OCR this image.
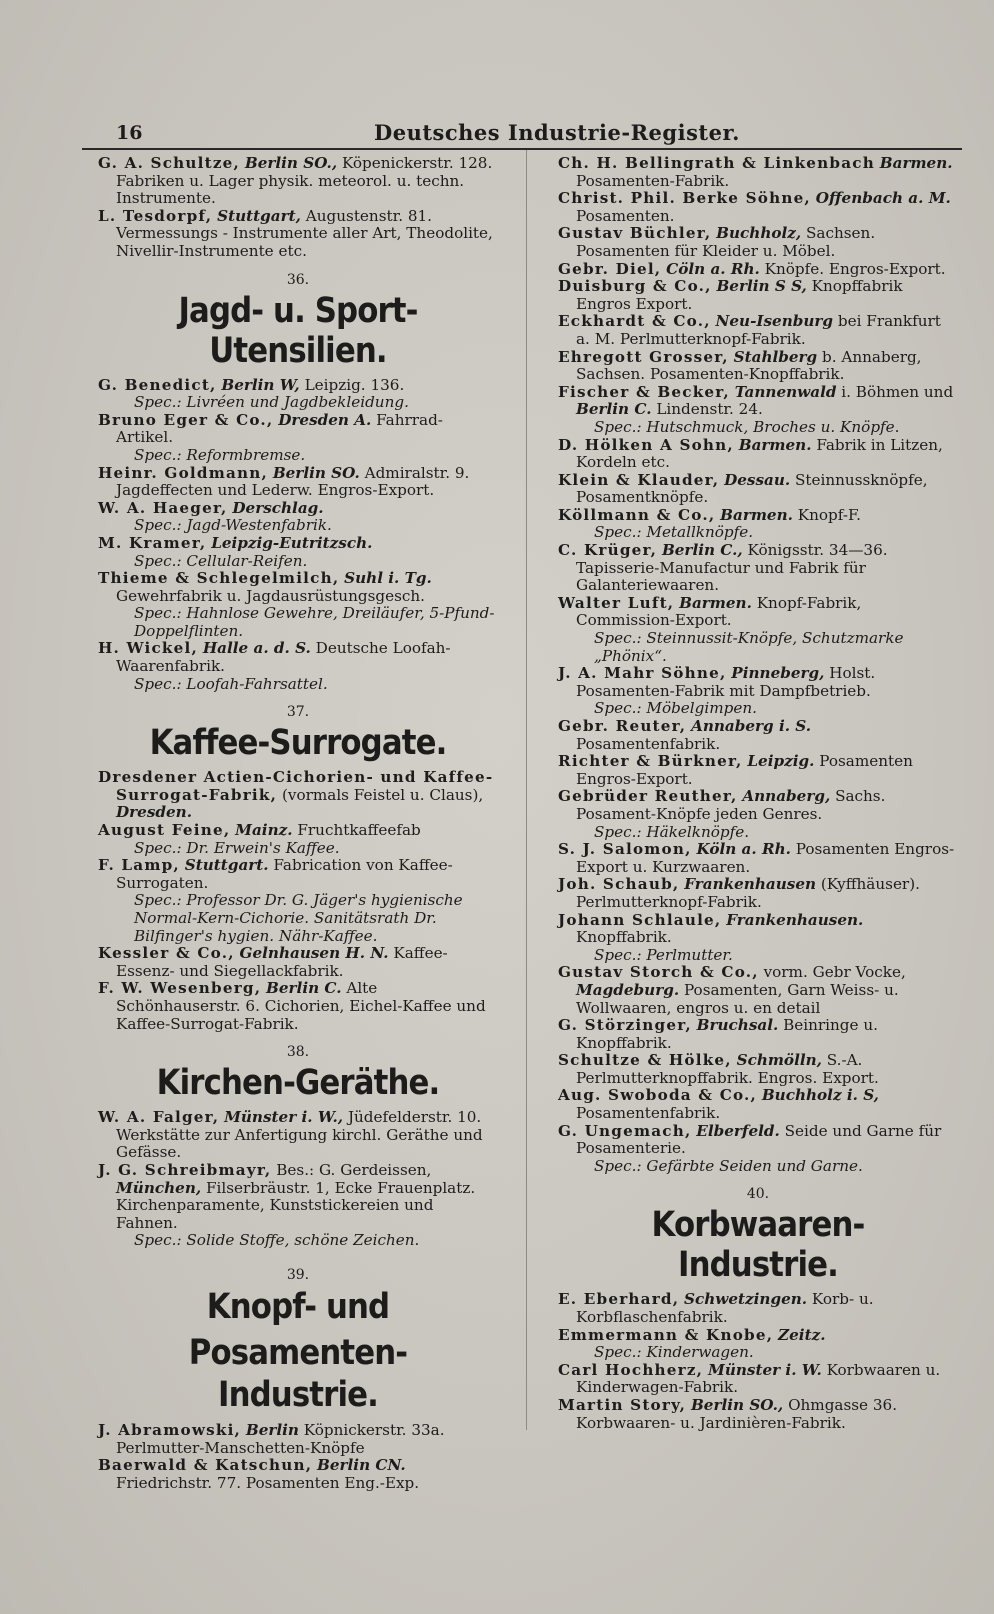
16	Deutsches Industrie-Register.
G. A. Schultze, Berlin SO., Köpenickerstr. 128. Fabriken u. Lager physik. meteorol. u. techn. Instrumente.
L. Tesdorpf, Stuttgart, Augustenstr. 81. Vermessungs - Instrumente aller Art, Theodolite, Nivellir-Instrumente etc.
36.
Jagd- u. Sport-Utensilien.
G. Benedict, Berlin W, Leipzig. 136.
Spec.: Livréen und Jagdbekleidung.
Bruno Eger & Co., Dresden A. Fahrrad-Artikel.
Spec.: Reformbremse.
Heinr. Goldmann, Berlin SO. Admiralstr. 9. Jagdeffecten und Lederw. Engros-Export.
W. A. Haeger, Derschlag.
Spec.: Jagd-Westenfabrik.
M. Kramer, Leipzig-Eutritzsch.
Spec.: Cellular-Reifen.
Thieme & Schlegelmilch, Suhl i. Tg. Gewehrfabrik u. Jagdausrüstungsgesch.
Spec.: Hahnlose Gewehre, Dreiläufer, 5-Pfund-Doppelflinten.
H. Wickel, Halle a. d. S. Deutsche Loofah-Waarenfabrik.
Spec.: Loofah-Fahrsattel.
37.
Kaffee-Surrogate.
Dresdener Actien-Cichorien- und Kaffee-Surrogat-Fabrik, (vormals Feistel u. Claus), Dresden.
August Feine, Mainz. Fruchtkaffeefab
Spec.: Dr. Erwein's Kaffee.
F. Lamp, Stuttgart. Fabrication von Kaffee-Surrogaten.
Spec.: Professor Dr. G. Jäger's hygienische Normal-Kern-Cichorie. Sanitätsrath Dr. Bilfinger's hygien. Nähr-Kaffee.
Kessler & Co., Gelnhausen H. N. Kaffee-Essenz- und Siegellackfabrik.
F. W. Wesenberg, Berlin C. Alte Schönhauserstr. 6. Cichorien, Eichel-Kaffee und Kaffee-Surrogat-Fabrik.
38.
Kirchen-Geräthe.
W. A. Falger, Münster i. W., Jüdefelderstr. 10. Werkstätte zur Anfertigung kirchl. Geräthe und Gefässe.
J. G. Schreibmayr, Bes.: G. Gerdeissen, München, Filserbräustr. 1, Ecke Frauenplatz. Kirchenparamente, Kunststickereien und Fahnen.
Spec.: Solide Stoffe, schöne Zeichen.
39.
Knopf- und
Posamenten-Industrie.
J. Abramowski, Berlin Köpnickerstr. 33a. Perlmutter-Manschetten-Knöpfe
Baerwald & Katschun, Berlin CN. Friedrichstr. 77. Posamenten Eng.-Exp.
Ch. H. Bellingrath & Linkenbach Barmen. Posamenten-Fabrik.
Christ. Phil. Berke Söhne, Offenbach a. M. Posamenten.
Gustav Büchler, Buchholz, Sachsen. Posamenten für Kleider u. Möbel.
Gebr. Diel, Cöln a. Rh. Knöpfe. Engros-Export.
Duisburg & Co., Berlin S S, Knopffabrik Engros Export.
Eckhardt & Co., Neu-Isenburg bei Frankfurt a. M. Perlmutterknopf-Fabrik.
Ehregott Grosser, Stahlberg b. Annaberg, Sachsen. Posamenten-Knopffabrik.
Fischer & Becker, Tannenwald i. Böhmen und Berlin C. Lindenstr. 24.
Spec.: Hutschmuck, Broches u. Knöpfe.
D. Hölken A Sohn, Barmen. Fabrik in Litzen, Kordeln etc.
Klein & Klauder, Dessau. Steinnussknöpfe, Posamentknöpfe.
Köllmann & Co., Barmen. Knopf-F.
Spec.: Metallknöpfe.
C. Krüger, Berlin C., Königsstr. 34—36. Tapisserie-Manufactur und Fabrik für Galanteriewaaren.
Walter Luft, Barmen. Knopf-Fabrik, Commission-Export.
Spec.: Steinnussit-Knöpfe, Schutzmarke „Phönix“.
J. A. Mahr Söhne, Pinneberg, Holst. Posamenten-Fabrik mit Dampfbetrieb.
Spec.: Möbelgimpen.
Gebr. Reuter, Annaberg i. S. Posamentenfabrik.
Richter & Bürkner, Leipzig. Posamenten Engros-Export.
Gebrüder Reuther, Annaberg, Sachs. Posament-Knöpfe jeden Genres.
Spec.: Häkelknöpfe.
S. J. Salomon, Köln a. Rh. Posamenten Engros-Export u. Kurzwaaren.
Joh. Schaub, Frankenhausen (Kyffhäuser). Perlmutterknopf-Fabrik.
Johann Schlaule, Frankenhausen. Knopffabrik.
Spec.: Perlmutter.
Gustav Storch & Co., vorm. Gebr Vocke, Magdeburg. Posamenten, Garn Weiss- u. Wollwaaren, engros u. en detail
G. Störzinger, Bruchsal. Beinringe u. Knopffabrik.
Schultze & Hölke, Schmölln, S.-A. Perlmutterknopffabrik. Engros. Export.
Aug. Swoboda & Co., Buchholz i. S, Posamentenfabrik.
G. Ungemach, Elberfeld. Seide und Garne für Posamenterie.
Spec.: Gefärbte Seiden und Garne.
40.
Korbwaaren-Industrie.
E. Eberhard, Schwetzingen. Korb- u. Korbflaschenfabrik.
Emmermann & Knobe, Zeitz.
Spec.: Kinderwagen.
Carl Hochherz, Münster i. W. Korbwaaren u. Kinderwagen-Fabrik.
Martin Story, Berlin SO., Ohmgasse 36. Korbwaaren- u. Jardinièren-Fabrik.
